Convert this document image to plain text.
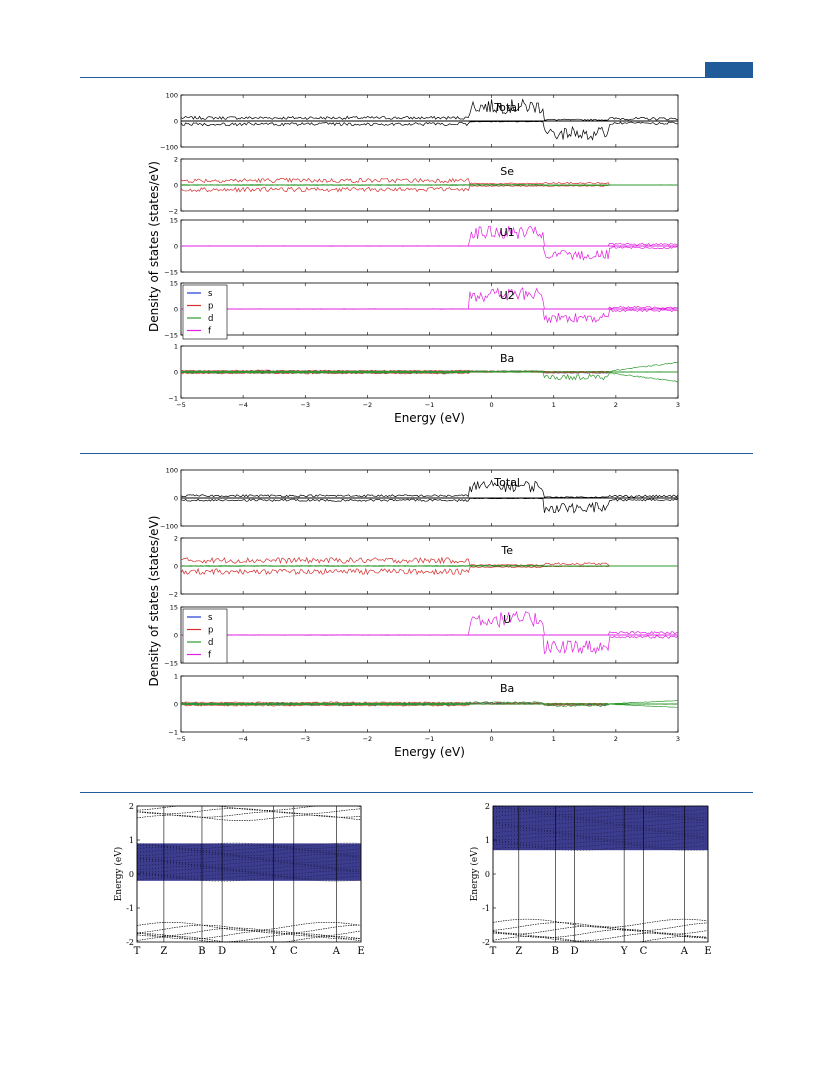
100
0
−100
Total
2
0
−2
Se
15
0
−15
U1
15
0
−15
U2
1
0
−1
Ba
−5	−4	−3	−2	−1	0	1	2	3
Energy (eV)
Density of states (states/eV)	s
p
d
f
100
0
−100
Total
2
0
−2
Te
15
0
−15
U
1
0
−1
Ba
−5	−4	−3	−2	−1	0	1	2	3
Energy (eV)
Density of states (states/eV)	s
p
d
f
T Z	B D	Y C	A E
2
1
0
-1
-2
Energy (eV)
T Z	B D	Y C	A E
2
1
0
-1
-2
Energy (eV)
